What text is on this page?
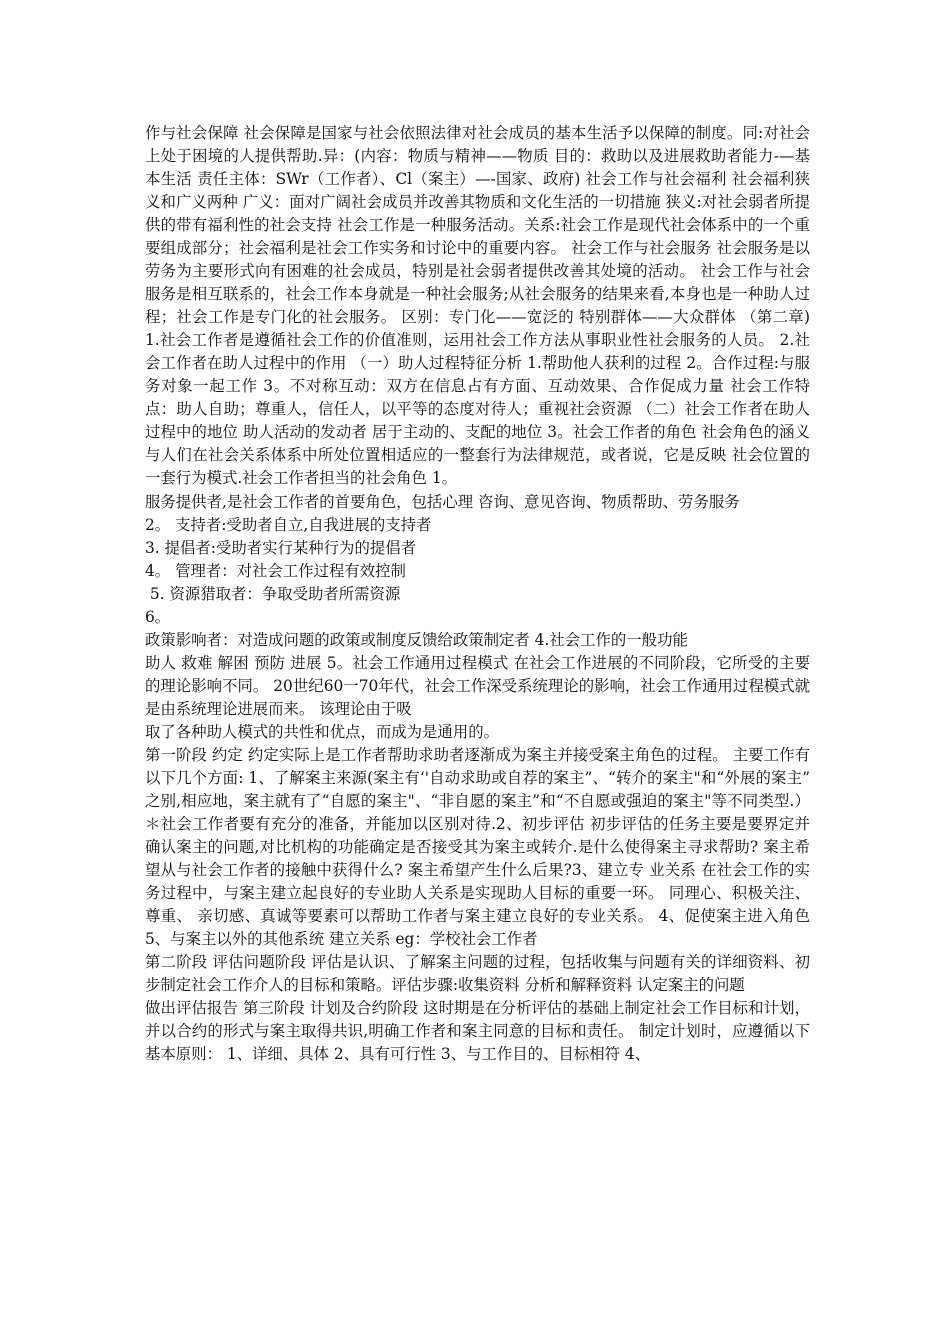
作与社会保障 社会保障是国家与社会依照法律对社会成员的基本生活予以保障的制度。同:对社会上处于困境的人提供帮助.异：(内容：物质与精神——物质 目的：救助以及进展救助者能力-—基本生活 责任主体：SWr（工作者）、Cl（案主）—-国家、政府) 社会工作与社会福利 社会福利狭义和广义两种 广义：面对广阔社会成员并改善其物质和文化生活的一切措施 狭义:对社会弱者所提供的带有福利性的社会支持 社会工作是一种服务活动。关系:社会工作是现代社会体系中的一个重要组成部分；社会福利是社会工作实务和讨论中的重要内容。 社会工作与社会服务 社会服务是以劳务为主要形式向有困难的社会成员，特别是社会弱者提供改善其处境的活动。 社会工作与社会服务是相互联系的，社会工作本身就是一种社会服务;从社会服务的结果来看,本身也是一种助人过程；社会工作是专门化的社会服务。 区别：专门化——宽泛的 特别群体——大众群体 （第二章) 1.社会工作者是遵循社会工作的价值准则，运用社会工作方法从事职业性社会服务的人员。 2.社会工作者在助人过程中的作用 （一）助人过程特征分析 1.帮助他人获利的过程 2。合作过程:与服务对象一起工作 3。不对称互动：双方在信息占有方面、互动效果、合作促成力量 社会工作特点：助人自助；尊重人，信任人，以平等的态度对待人；重视社会资源 （二）社会工作者在助人过程中的地位 助人活动的发动者 居于主动的、支配的地位 3。社会工作者的角色 社会角色的涵义 与人们在社会关系体系中所处位置相适应的一整套行为法律规范，或者说，它是反映 社会位置的一套行为模式.社会工作者担当的社会角色 1。

服务提供者,是社会工作者的首要角色，包括心理 咨询、意见咨询、物质帮助、劳务服务

2。 支持者:受助者自立,自我进展的支持者

3. 提倡者:受助者实行某种行为的提倡者

4。 管理者：对社会工作过程有效控制

5. 资源猎取者：争取受助者所需资源

6。

政策影响者：对造成问题的政策或制度反馈给政策制定者 4.社会工作的一般功能

助人 救难 解困 预防 进展 5。社会工作通用过程模式 在社会工作进展的不同阶段，它所受的主要的理论影响不同。 20世纪60一70年代，社会工作深受系统理论的影响，社会工作通用过程模式就是由系统理论进展而来。 该理论由于吸

取了各种助人模式的共性和优点，而成为是通用的。

第一阶段 约定 约定实际上是工作者帮助求助者逐渐成为案主并接受案主角色的过程。 主要工作有以下几个方面: 1、了解案主来源(案主有‘'自动求助或自荐的案主”、“转介的案主"和“外展的案主” 之别,相应地，案主就有了“自愿的案主"、“非自愿的案主”和“不自愿或强迫的案主"等不同类型.）＊社会工作者要有充分的准备，并能加以区别对待.2、初步评估 初步评估的任务主要是要界定并确认案主的问题,对比机构的功能确定是否接受其为案主或转介.是什么使得案主寻求帮助? 案主希望从与社会工作者的接触中获得什么? 案主希望产生什么后果?3、建立专 业关系 在社会工作的实务过程中，与案主建立起良好的专业助人关系是实现助人目标的重要一环。 同理心、积极关注、尊重、 亲切感、真诚等要素可以帮助工作者与案主建立良好的专业关系。 4、促使案主进入角色 5、与案主以外的其他系统 建立关系 eg：学校社会工作者

第二阶段 评估问题阶段 评估是认识、了解案主问题的过程，包括收集与问题有关的详细资料、初步制定社会工作介人的目标和策略。评估步骤:收集资料 分析和解释资料 认定案主的问题

做出评估报告 第三阶段 计划及合约阶段 这时期是在分析评估的基础上制定社会工作目标和计划，并以合约的形式与案主取得共识,明确工作者和案主同意的目标和责任。 制定计划时，应遵循以下基本原则： 1、详细、具体 2、具有可行性 3、与工作目的、目标相符 4、
